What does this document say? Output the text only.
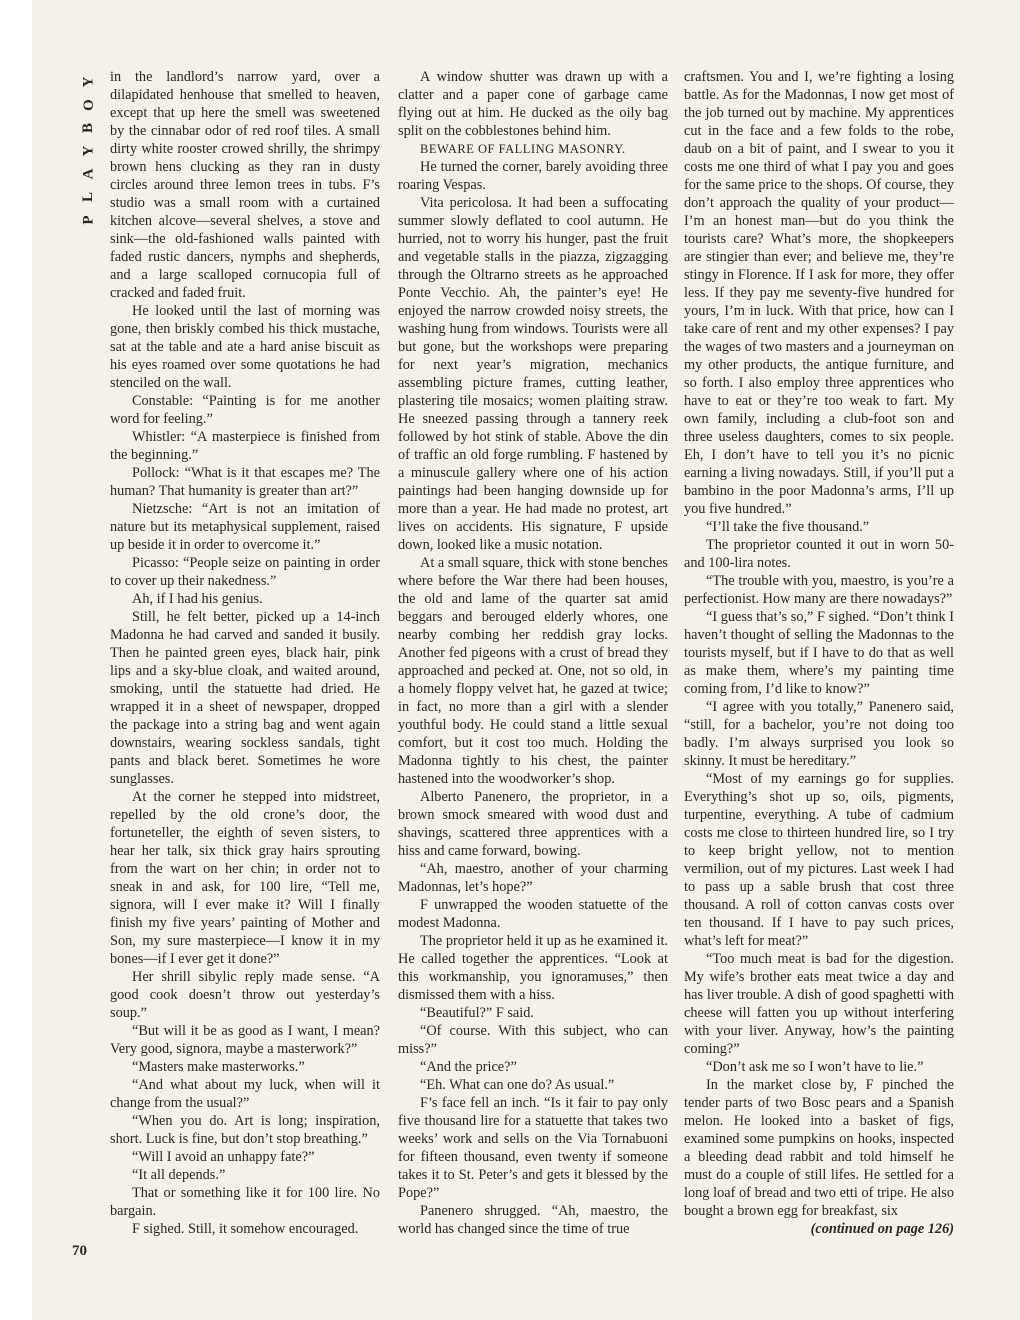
Y
O
B
Y
A
L
P
70

in the landlord’s narrow yard, over a dilapidated henhouse that smelled to heaven, except that up here the smell was sweetened by the cinnabar odor of red roof tiles. A small dirty white rooster crowed shrilly, the shrimpy brown hens clucking as they ran in dusty circles around three lemon trees in tubs. F’s studio was a small room with a curtained kitchen alcove—several shelves, a stove and sink—the old-fashioned walls painted with faded rustic dancers, nymphs and shepherds, and a large scalloped cornucopia full of cracked and faded fruit.

He looked until the last of morning was gone, then briskly combed his thick mustache, sat at the table and ate a hard anise biscuit as his eyes roamed over some quotations he had stenciled on the wall.

Constable: “Painting is for me another word for feeling.”

Whistler: “A masterpiece is finished from the beginning.”

Pollock: “What is it that escapes me? The human? That humanity is greater than art?”

Nietzsche: “Art is not an imitation of nature but its metaphysical supplement, raised up beside it in order to overcome it.”

Picasso: “People seize on painting in order to cover up their nakedness.”

Ah, if I had his genius.

Still, he felt better, picked up a 14-inch Madonna he had carved and sanded it busily. Then he painted green eyes, black hair, pink lips and a sky-blue cloak, and waited around, smoking, until the statuette had dried. He wrapped it in a sheet of newspaper, dropped the package into a string bag and went again downstairs, wearing sockless sandals, tight pants and black beret. Sometimes he wore sunglasses.

At the corner he stepped into midstreet, repelled by the old crone’s door, the fortuneteller, the eighth of seven sisters, to hear her talk, six thick gray hairs sprouting from the wart on her chin; in order not to sneak in and ask, for 100 lire, “Tell me, signora, will I ever make it? Will I finally finish my five years’ painting of Mother and Son, my sure masterpiece—I know it in my bones—if I ever get it done?”

Her shrill sibylic reply made sense. “A good cook doesn’t throw out yesterday’s soup.”

“But will it be as good as I want, I mean? Very good, signora, maybe a masterwork?”

“Masters make masterworks.”

“And what about my luck, when will it change from the usual?”

“When you do. Art is long; inspiration, short. Luck is fine, but don’t stop breathing.”

“Will I avoid an unhappy fate?”

“It all depends.”

That or something like it for 100 lire. No bargain.

F sighed. Still, it somehow encouraged.

A window shutter was drawn up with a clatter and a paper cone of garbage came flying out at him. He ducked as the oily bag split on the cobblestones behind him.

BEWARE OF FALLING MASONRY.

He turned the corner, barely avoiding three roaring Vespas.

Vita pericolosa. It had been a suffocating summer slowly deflated to cool autumn. He hurried, not to worry his hunger, past the fruit and vegetable stalls in the piazza, zigzagging through the Oltrarno streets as he approached Ponte Vecchio. Ah, the painter’s eye! He enjoyed the narrow crowded noisy streets, the washing hung from windows. Tourists were all but gone, but the workshops were preparing for next year’s migration, mechanics assembling picture frames, cutting leather, plastering tile mosaics; women plaiting straw. He sneezed passing through a tannery reek followed by hot stink of stable. Above the din of traffic an old forge rumbling. F hastened by a minuscule gallery where one of his action paintings had been hanging downside up for more than a year. He had made no protest, art lives on accidents. His signature, F upside down, looked like a music notation.

At a small square, thick with stone benches where before the War there had been houses, the old and lame of the quarter sat amid beggars and berouged elderly whores, one nearby combing her reddish gray locks. Another fed pigeons with a crust of bread they approached and pecked at. One, not so old, in a homely floppy velvet hat, he gazed at twice; in fact, no more than a girl with a slender youthful body. He could stand a little sexual comfort, but it cost too much. Holding the Madonna tightly to his chest, the painter hastened into the woodworker’s shop.

Alberto Panenero, the proprietor, in a brown smock smeared with wood dust and shavings, scattered three apprentices with a hiss and came forward, bowing.

“Ah, maestro, another of your charming Madonnas, let’s hope?”

F unwrapped the wooden statuette of the modest Madonna.

The proprietor held it up as he examined it. He called together the apprentices. “Look at this workmanship, you ignoramuses,” then dismissed them with a hiss.

“Beautiful?” F said.

“Of course. With this subject, who can miss?”

“And the price?”

“Eh. What can one do? As usual.”

F’s face fell an inch. “Is it fair to pay only five thousand lire for a statuette that takes two weeks’ work and sells on the Via Tornabuoni for fifteen thousand, even twenty if someone takes it to St. Peter’s and gets it blessed by the Pope?”

Panenero shrugged. “Ah, maestro, the world has changed since the time of true

craftsmen. You and I, we’re fighting a losing battle. As for the Madonnas, I now get most of the job turned out by machine. My apprentices cut in the face and a few folds to the robe, daub on a bit of paint, and I swear to you it costs me one third of what I pay you and goes for the same price to the shops. Of course, they don’t approach the quality of your product—I’m an honest man—but do you think the tourists care? What’s more, the shopkeepers are stingier than ever; and believe me, they’re stingy in Florence. If I ask for more, they offer less. If they pay me seventy-five hundred for yours, I’m in luck. With that price, how can I take care of rent and my other expenses? I pay the wages of two masters and a journeyman on my other products, the antique furniture, and so forth. I also employ three apprentices who have to eat or they’re too weak to fart. My own family, including a club-foot son and three useless daughters, comes to six people. Eh, I don’t have to tell you it’s no picnic earning a living nowadays. Still, if you’ll put a bambino in the poor Madonna’s arms, I’ll up you five hundred.”

“I’ll take the five thousand.”

The proprietor counted it out in worn 50- and 100-lira notes.

“The trouble with you, maestro, is you’re a perfectionist. How many are there nowadays?”

“I guess that’s so,” F sighed. “Don’t think I haven’t thought of selling the Madonnas to the tourists myself, but if I have to do that as well as make them, where’s my painting time coming from, I’d like to know?”

“I agree with you totally,” Panenero said, “still, for a bachelor, you’re not doing too badly. I’m always surprised you look so skinny. It must be hereditary.”

“Most of my earnings go for supplies. Everything’s shot up so, oils, pigments, turpentine, everything. A tube of cadmium costs me close to thirteen hundred lire, so I try to keep bright yellow, not to mention vermilion, out of my pictures. Last week I had to pass up a sable brush that cost three thousand. A roll of cotton canvas costs over ten thousand. If I have to pay such prices, what’s left for meat?”

“Too much meat is bad for the digestion. My wife’s brother eats meat twice a day and has liver trouble. A dish of good spaghetti with cheese will fatten you up without interfering with your liver. Anyway, how’s the painting coming?”

“Don’t ask me so I won’t have to lie.”

In the market close by, F pinched the tender parts of two Bosc pears and a Spanish melon. He looked into a basket of figs, examined some pumpkins on hooks, inspected a bleeding dead rabbit and told himself he must do a couple of still lifes. He settled for a long loaf of bread and two etti of tripe. He also bought a brown egg for breakfast, six

(continued on page 126)
